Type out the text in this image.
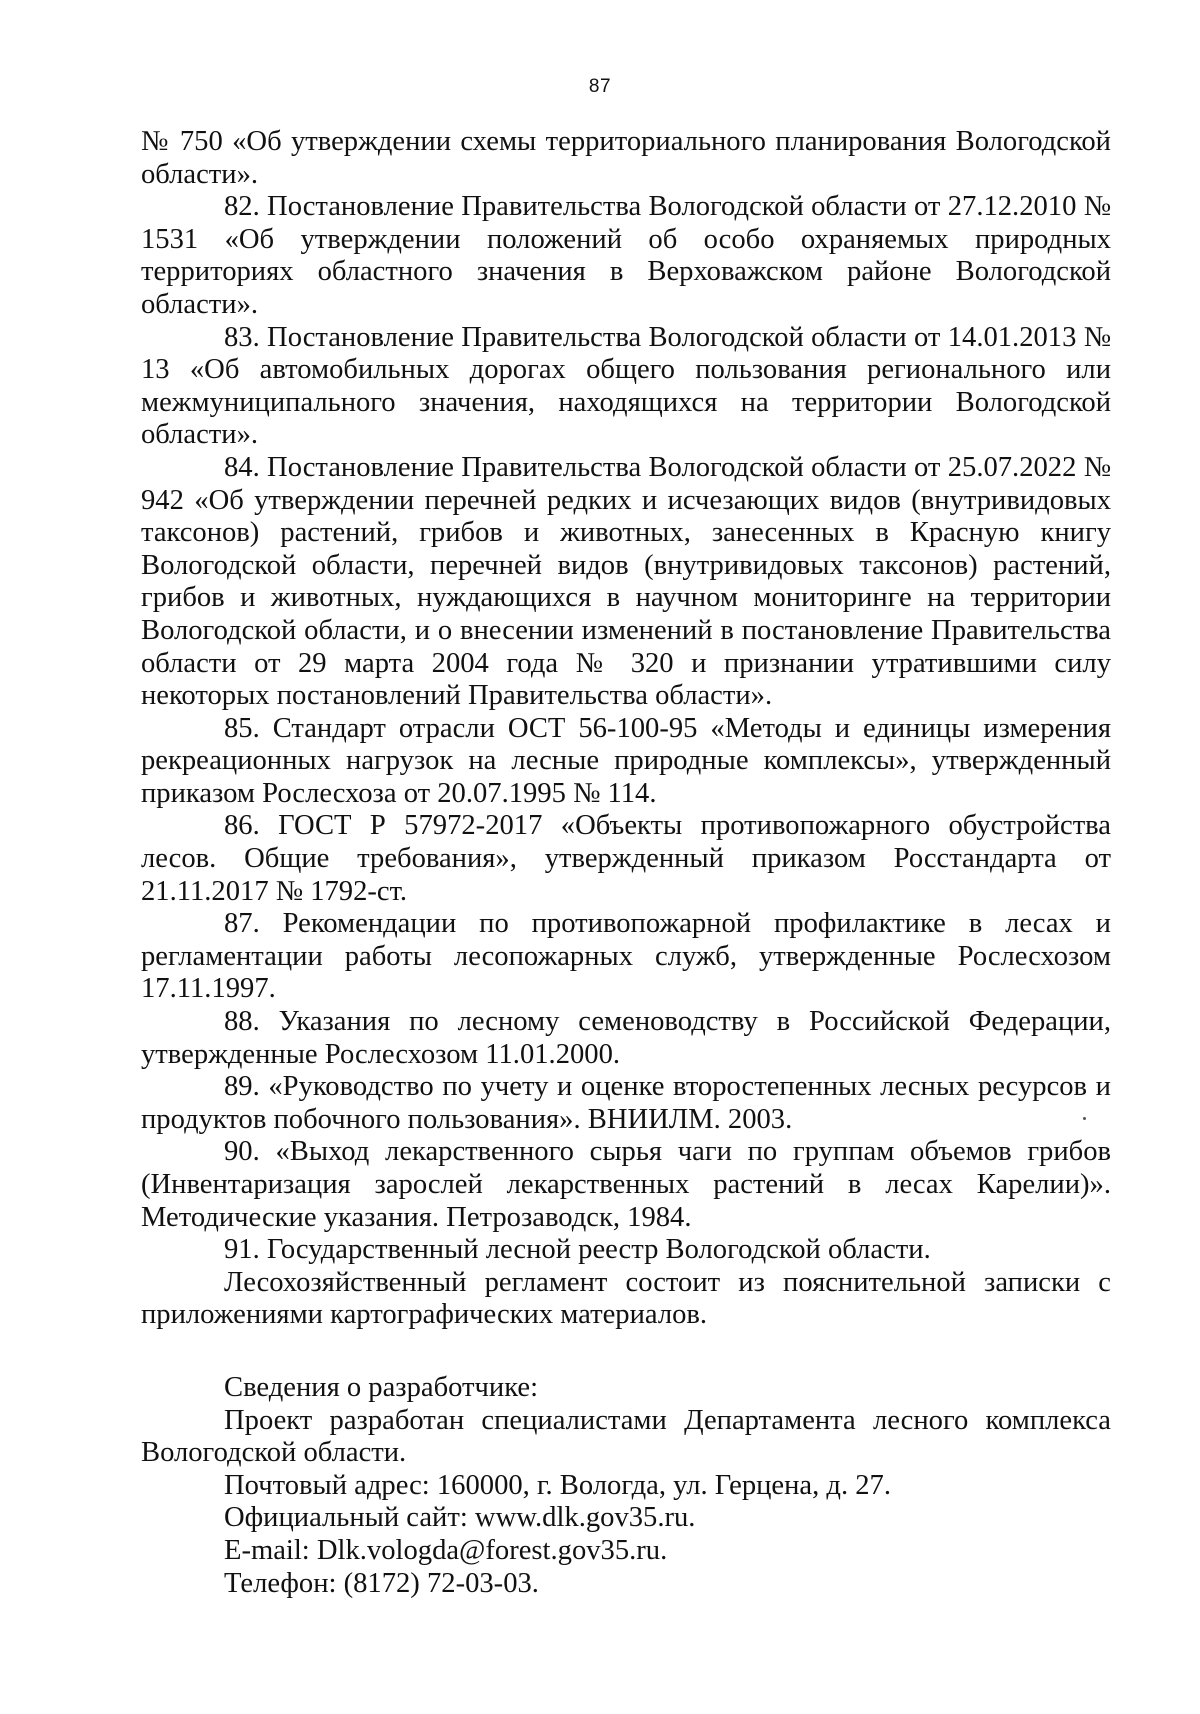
87

№ 750 «Об утверждении схемы территориального планирования Вологодской области».

82. Постановление Правительства Вологодской области от 27.12.2010 № 1531 «Об утверждении положений об особо охраняемых природных территориях областного значения в Верховажском районе Вологодской области».

83. Постановление Правительства Вологодской области от 14.01.2013 № 13 «Об автомобильных дорогах общего пользования регионального или межмуниципального значения, находящихся на территории Вологодской области».

84. Постановление Правительства Вологодской области от 25.07.2022 № 942 «Об утверждении перечней редких и исчезающих видов (внутривидовых таксонов) растений, грибов и животных, занесенных в Красную книгу Вологодской области, перечней видов (внутривидовых таксонов) растений, грибов и животных, нуждающихся в научном мониторинге на территории Вологодской области, и о внесении изменений в постановление Правительства области от 29 марта 2004 года № 320 и признании утратившими силу некоторых постановлений Правительства области».

85. Стандарт отрасли ОСТ 56-100-95 «Методы и единицы измерения рекреационных нагрузок на лесные природные комплексы», утвержденный приказом Рослесхоза от 20.07.1995 № 114.

86. ГОСТ Р 57972-2017 «Объекты противопожарного обустройства лесов. Общие требования», утвержденный приказом Росстандарта от 21.11.2017 № 1792-ст.

87. Рекомендации по противопожарной профилактике в лесах и регламентации работы лесопожарных служб, утвержденные Рослесхозом 17.11.1997.

88. Указания по лесному семеноводству в Российской Федерации, утвержденные Рослесхозом 11.01.2000.

89. «Руководство по учету и оценке второстепенных лесных ресурсов и продуктов побочного пользования». ВНИИЛМ. 2003.

90. «Выход лекарственного сырья чаги по группам объемов грибов (Инвентаризация зарослей лекарственных растений в лесах Карелии)». Методические указания. Петрозаводск, 1984.

91. Государственный лесной реестр Вологодской области.

Лесохозяйственный регламент состоит из пояснительной записки с приложениями картографических материалов.

Сведения о разработчике:

Проект разработан специалистами Департамента лесного комплекса Вологодской области.

Почтовый адрес: 160000, г. Вологда, ул. Герцена, д. 27.

Официальный сайт: www.dlk.gov35.ru.

E-mail: Dlk.vologda@forest.gov35.ru.

Телефон: (8172) 72-03-03.
